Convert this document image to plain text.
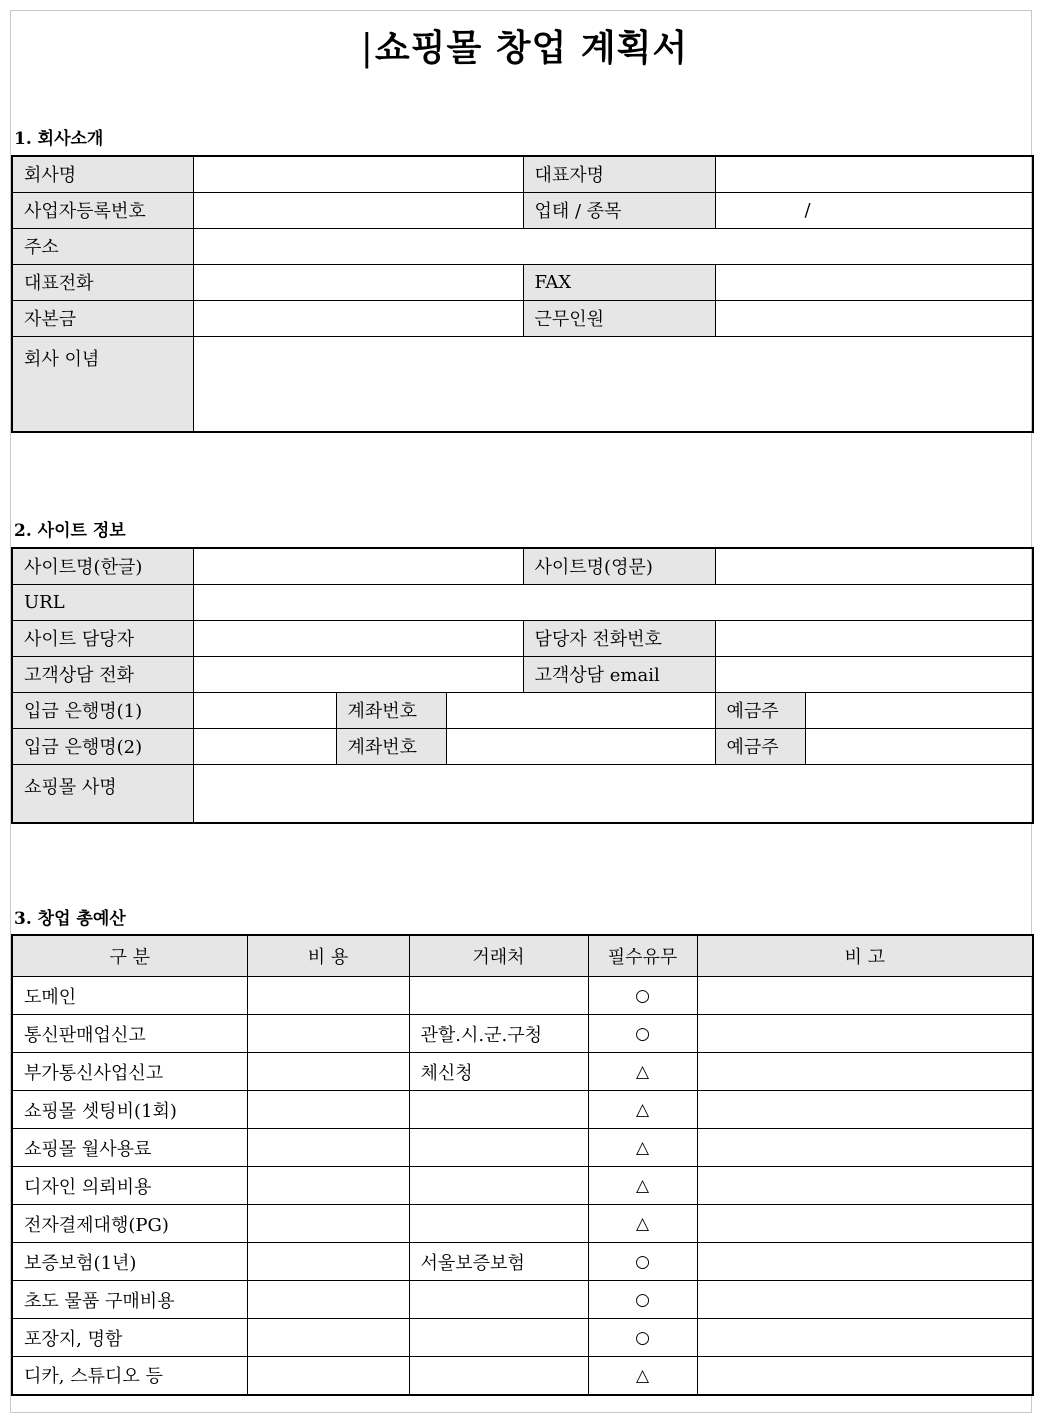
|쇼핑몰 창업 계획서
1. 회사소개
회사명		대표자명	
사업자등록번호		업태 / 종목	/
주소			
대표전화		FAX	
자본금		근무인원	
회사 이념			
2. 사이트 정보
사이트명(한글)				사이트명(영문)		
URL						
사이트 담당자				담당자 전화번호		
고객상담 전화				고객상담 email		
입금 은행명(1)		계좌번호			예금주	
입금 은행명(2)		계좌번호			예금주	
쇼핑몰 사명						
3. 창업 총예산
구 분	비 용	거래처	필수유무	비 고
도메인			○	
통신판매업신고		관할.시.군.구청	○	
부가통신사업신고		체신청	△	
쇼핑몰 셋팅비(1회)			△	
쇼핑몰 월사용료			△	
디자인 의뢰비용			△	
전자결제대행(PG)			△	
보증보험(1년)		서울보증보험	○	
초도 물품 구매비용			○	
포장지, 명함			○	
디카, 스튜디오 등			△	
